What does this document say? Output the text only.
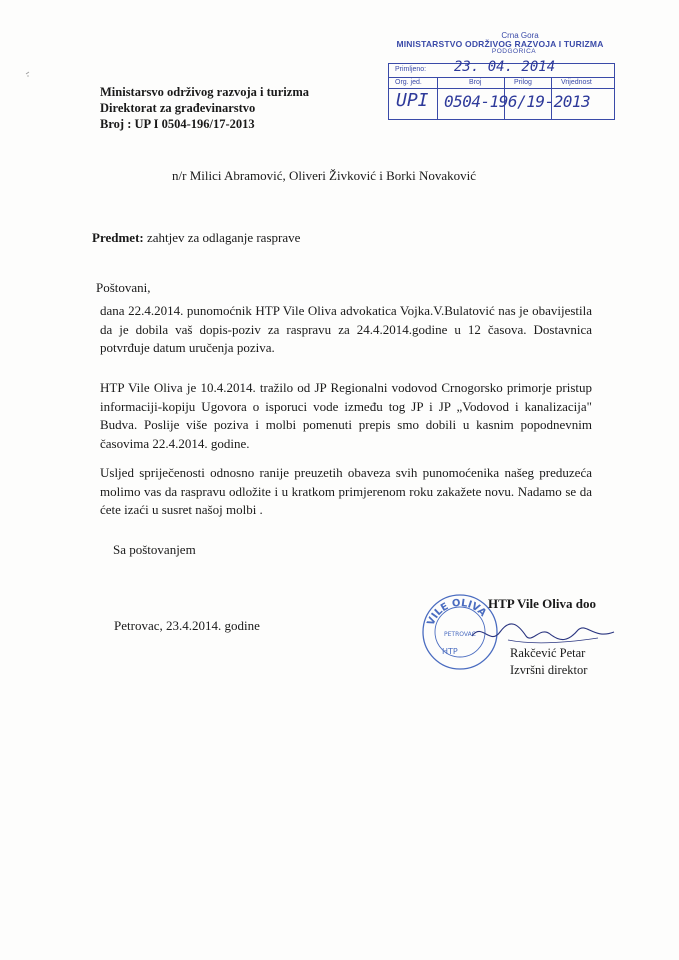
Crna Gora
MINISTARSTVO ODRŽIVOG RAZVOJA I TURIZMA
PODGORICA
Primljeno:
Org. jed.	Broj	Prilog	Vrijednost
23. 04. 2014
UPI 0504-196/19-2013
Ministarsvo održivog razvoja i turizma
Direktorat za građevinarstvo
Broj : UP I 0504-196/17-2013
n/r Milici Abramović, Oliveri Živković i Borki Novaković
Predmet: zahtjev za odlaganje rasprave
Poštovani,
dana 22.4.2014. punomoćnik HTP Vile Oliva advokatica Vojka.V.Bulatović nas je obavijestila da je dobila vaš dopis-poziv za raspravu za 24.4.2014.godine u 12 časova. Dostavnica potvrđuje datum uručenja poziva.
HTP Vile Oliva je 10.4.2014. tražilo od JP Regionalni vodovod Crnogorsko primorje pristup informaciji-kopiju Ugovora o isporuci vode između tog JP i JP „Vodovod i kanalizacija" Budva. Poslije više poziva i molbi pomenuti prepis smo dobili u kasnim popodnevnim časovima 22.4.2014. godine.
Usljed spriječenosti odnosno ranije preuzetih obaveza svih punomoćenika našeg preduzeća molimo vas da raspravu odložite i u kratkom primjerenom roku zakažete novu. Nadamo se da ćete izaći u susret našoj molbi .
Sa poštovanjem
Petrovac, 23.4.2014. godine	VILE OLIVA
HTP
PETROVAC
HTP Vile Oliva doo
Rakčević Petar
Izvršni direktor
